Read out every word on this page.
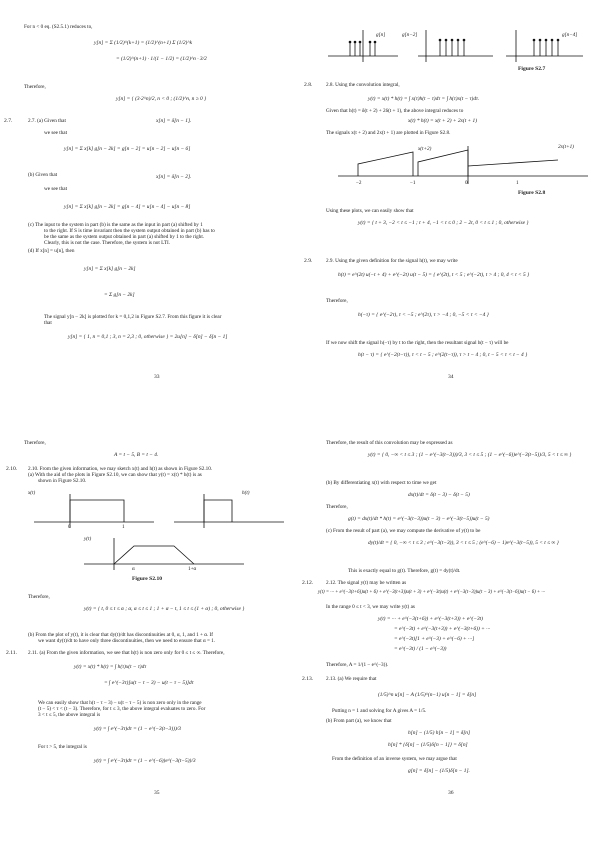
For n < 0 eq. (S2.5.1) reduces to,
y[n] = Σ (1/2)^(k+1) = (1/2)^(n+1) Σ (1/2)^k
= (1/2)^(n+1) · 1/(1 − 1/2) = (1/2)^n · 3/2
Therefore,
y[n] = { (3·2^n)/2, n < 0 ; (1/2)^n, n ≥ 0 }
2.7.	2.7. (a) Given that	x[n] = δ[n − 1].
we see that
y[n] = Σ x[k] g[n − 2k] = g[n − 2] = u[n − 2] − u[n − 6]
(b) Given that	x[n] = δ[n − 2].
we see that
y[n] = Σ x[k] g[n − 2k] = g[n − 4] = u[n − 4] − u[n − 8]
(c) The input to the system in part (b) is the same as the input in part (a) shifted by 1
to the right. If S is time invariant then the system output obtained in part (b) has to
be the same as the system output obtained in part (a) shifted by 1 to the right.
Clearly, this is not the case. Therefore, the system is not LTI.
(d) If x[n] = u[n], then
y[n] = Σ x[k] g[n − 2k]
= Σ g[n − 2k]
The signal y[n − 2k] is plotted for k = 0,1,2 in Figure S2.7. From this figure it is clear
that
y[n] = { 1, n = 0,1 ; 3, n = 2,3 ; 0, otherwise } = 2u[n] − δ[n] − δ[n − 1]
33
g[n]	g[n−2]	g[n−4]
Figure S2.7
2.8.	2.8. Using the convolution integral,
y(t) = x(t) * h(t) = ∫ x(τ)h(t − τ)dτ = ∫ h(τ)x(t − τ)dτ.
Given that h(t) = δ(t + 2) + 2δ(t + 1), the above integral reduces to
x(t) * h(t) = x(t + 2) + 2x(t + 1)
The signals x(t + 2) and 2x(t + 1) are plotted in Figure S2.8.
x(t+2)	2x(t+1)
−2	−1	0	1
Figure S2.8
Using these plots, we can easily show that
y(t) = { t + 3, −2 < t ≤ −1 ; t + 4, −1 < t ≤ 0 ; 2 − 2t, 0 < t ≤ 1 ; 0, otherwise }
2.9.	2.9. Using the given definition for the signal h(t), we may write
h(t) = e^(2t) u(−t + 4) + e^(−2t) u(t − 5) = { e^(2t), t < 5 ; e^(−2t), t > 4 ; 0, 4 < t < 5 }
Therefore,
h(−τ) = { e^(−2τ), τ < −5 ; e^(2τ), τ > −4 ; 0, −5 < τ < −4 }
If we now shift the signal h(−τ) by t to the right, then the resultant signal h(t − τ) will be
h(t − τ) = { e^(−2(t−τ)), τ < t − 5 ; e^(2(t−τ)), τ > t − 4 ; 0, t − 5 < τ < t − 4 }
34
Therefore,
A = t − 5, B = t − 4.
2.10. 2.10. From the given information, we may sketch x(t) and h(t) as shown in Figure S2.10.
(a) With the aid of the plots in Figure S2.10, we can show that y(t) = x(t) * h(t) is as
shown in Figure S2.10.
x(t)	h(t)
y(t)
0	1
α	1+α
Figure S2.10
Therefore,
y(t) = { t, 0 ≤ t ≤ α ; α, α ≤ t ≤ 1 ; 1 + α − t, 1 ≤ t ≤ (1 + α) ; 0, otherwise }
(b) From the plot of y(t), it is clear that dy(t)/dt has discontinuities at 0, α, 1, and 1 + α. If
we want dy(t)/dt to have only three discontinuities, then we need to ensure that α = 1.
2.11. 2.11. (a) From the given information, we see that h(t) is non zero only for 0 ≤ t ≤ ∞. Therefore,
y(t) = x(t) * h(t) = ∫ h(τ)x(t − τ)dτ
= ∫ e^(−3τ)[u(t − τ − 3) − u(t − τ − 5)]dτ
We can easily show that h(t − τ − 3) − u(t − τ − 5) is non zero only in the range
(t − 5) < τ < (t − 3). Therefore, for t ≤ 3, the above integral evaluates to zero. For
3 < t ≤ 5, the above integral is
y(t) = ∫ e^(−3τ)dτ = (1 − e^(−3(t−3)))/3
For t > 5, the integral is
y(t) = ∫ e^(−3τ)dτ = (1 − e^(−6))e^(−3(t−5))/3
35
Therefore, the result of this convolution may be expressed as
y(t) = { 0, −∞ < t ≤ 3 ; (1 − e^(−3(t−3)))/3, 3 < t ≤ 5 ; (1 − e^(−6))e^(−3(t−5))/3, 5 < t ≤ ∞ }
(b) By differentiating x(t) with respect to time we get
dx(t)/dt = δ(t − 3) − δ(t − 5)
Therefore,
g(t) = dx(t)/dt * h(t) = e^(−3(t−3))u(t − 3) − e^(−3(t−5))u(t − 5)
(c) From the result of part (a), we may compute the derivative of y(t) to be
dy(t)/dt = { 0, −∞ < t ≤ 3 ; e^(−3(t−3)), 3 < t ≤ 5 ; (e^(−6) − 1)e^(−3(t−5)), 5 < t ≤ ∞ }
This is exactly equal to g(t). Therefore, g(t) = dy(t)/dt.
2.12. 2.12. The signal y(t) may be written as
y(t) = ··· + e^(−3(t+6))u(t + 6) + e^(−3(t+3))u(t + 3) + e^(−3t)u(t) + e^(−3(t−3))u(t − 3) + e^(−3(t−6))u(t − 6) + ···
In the range 0 ≤ t < 3, we may write y(t) as
y(t) = ··· + e^(−3(t+6)) + e^(−3(t+3)) + e^(−3t)
= e^(−3t) + e^(−3(t+3)) + e^(−3(t+6)) + ···
= e^(−3t)[1 + e^(−3) + e^(−6) + ···]
= e^(−3t) / (1 − e^(−3))
Therefore, A = 1/(1 − e^(−3)).
2.13. 2.13. (a) We require that
(1/5)^n u[n] − A (1/5)^(n−1) u[n − 1] = δ[n]
Putting n = 1 and solving for A gives A = 1/5.
(b) From part (a), we know that
h[n] − (1/5) h[n − 1] = δ[n]
h[n] * {δ[n] − (1/5)δ[n − 1]} = δ[n]
From the definition of an inverse system, we may argue that
g[n] = δ[n] − (1/5)δ[n − 1].
36
